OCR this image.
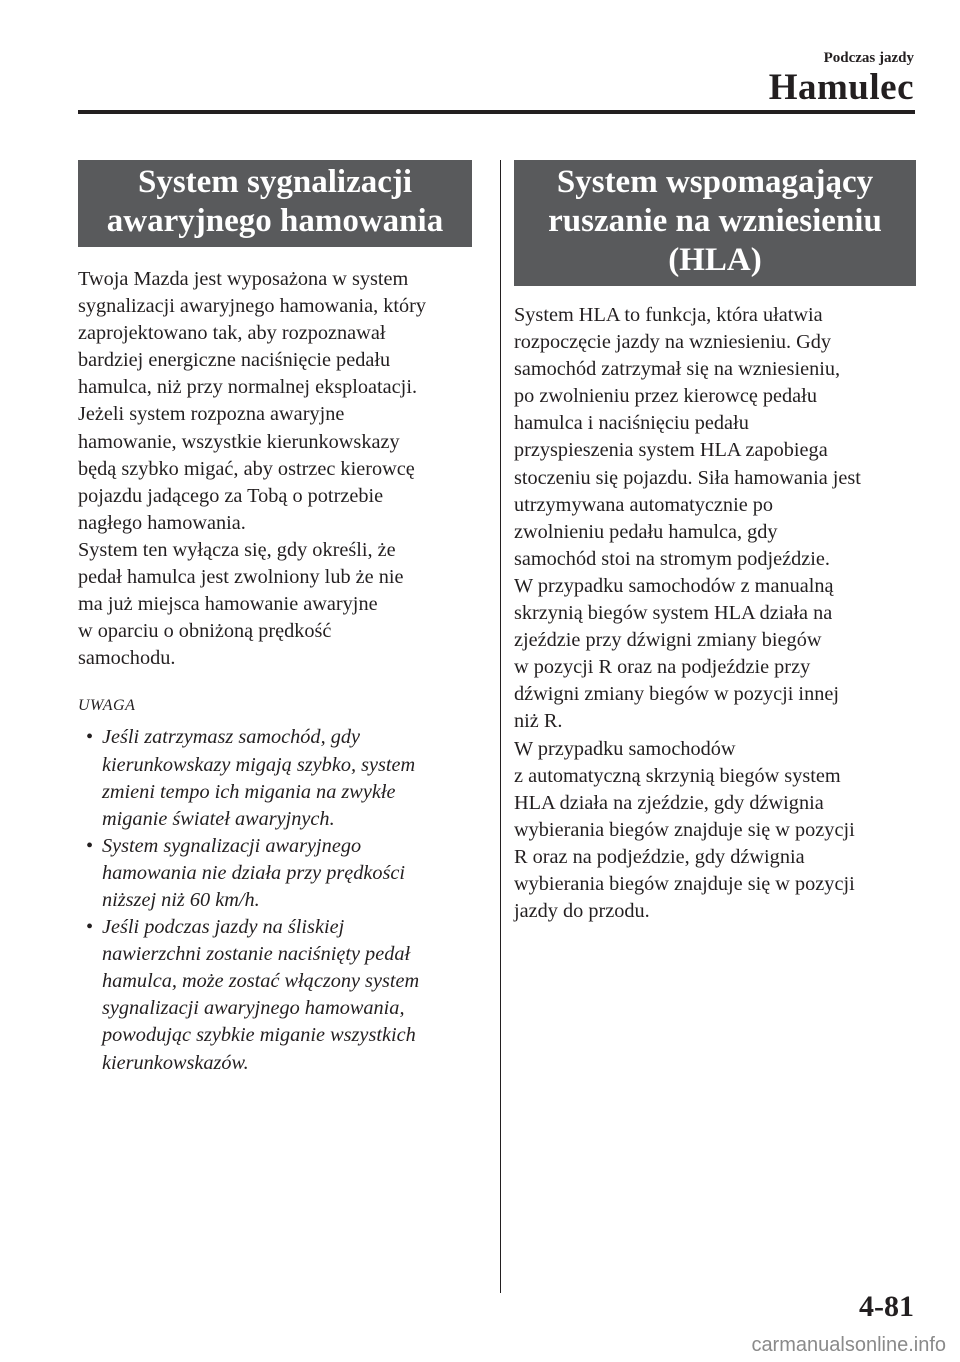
Podczas jazdy
Hamulec
System sygnalizacji
awaryjnego hamowania

Twoja Mazda jest wyposażona w system
sygnalizacji awaryjnego hamowania, który
zaprojektowano tak, aby rozpoznawał
bardziej energiczne naciśnięcie pedału
hamulca, niż przy normalnej eksploatacji.
Jeżeli system rozpozna awaryjne
hamowanie, wszystkie kierunkowskazy
będą szybko migać, aby ostrzec kierowcę
pojazdu jadącego za Tobą o potrzebie
nagłego hamowania.
System ten wyłącza się, gdy określi, że
pedał hamulca jest zwolniony lub że nie
ma już miejsca hamowanie awaryjne
w oparciu o obniżoną prędkość
samochodu.

UWAGA
• Jeśli zatrzymasz samochód, gdy
kierunkowskazy migają szybko, system
zmieni tempo ich migania na zwykłe
miganie świateł awaryjnych.
• System sygnalizacji awaryjnego
hamowania nie działa przy prędkości
niższej niż 60 km/h.
• Jeśli podczas jazdy na śliskiej
nawierzchni zostanie naciśnięty pedał
hamulca, może zostać włączony system
sygnalizacji awaryjnego hamowania,
powodując szybkie miganie wszystkich
kierunkowskazów.
System wspomagający
ruszanie na wzniesieniu
(HLA)

System HLA to funkcja, która ułatwia
rozpoczęcie jazdy na wzniesieniu. Gdy
samochód zatrzymał się na wzniesieniu,
po zwolnieniu przez kierowcę pedału
hamulca i naciśnięciu pedału
przyspieszenia system HLA zapobiega
stoczeniu się pojazdu. Siła hamowania jest
utrzymywana automatycznie po
zwolnieniu pedału hamulca, gdy
samochód stoi na stromym podjeździe.
W przypadku samochodów z manualną
skrzynią biegów system HLA działa na
zjeździe przy dźwigni zmiany biegów
w pozycji R oraz na podjeździe przy
dźwigni zmiany biegów w pozycji innej
niż R.
W przypadku samochodów
z automatyczną skrzynią biegów system
HLA działa na zjeździe, gdy dźwignia
wybierania biegów znajduje się w pozycji
R oraz na podjeździe, gdy dźwignia
wybierania biegów znajduje się w pozycji
jazdy do przodu.

4-81
carmanualsonline.info
